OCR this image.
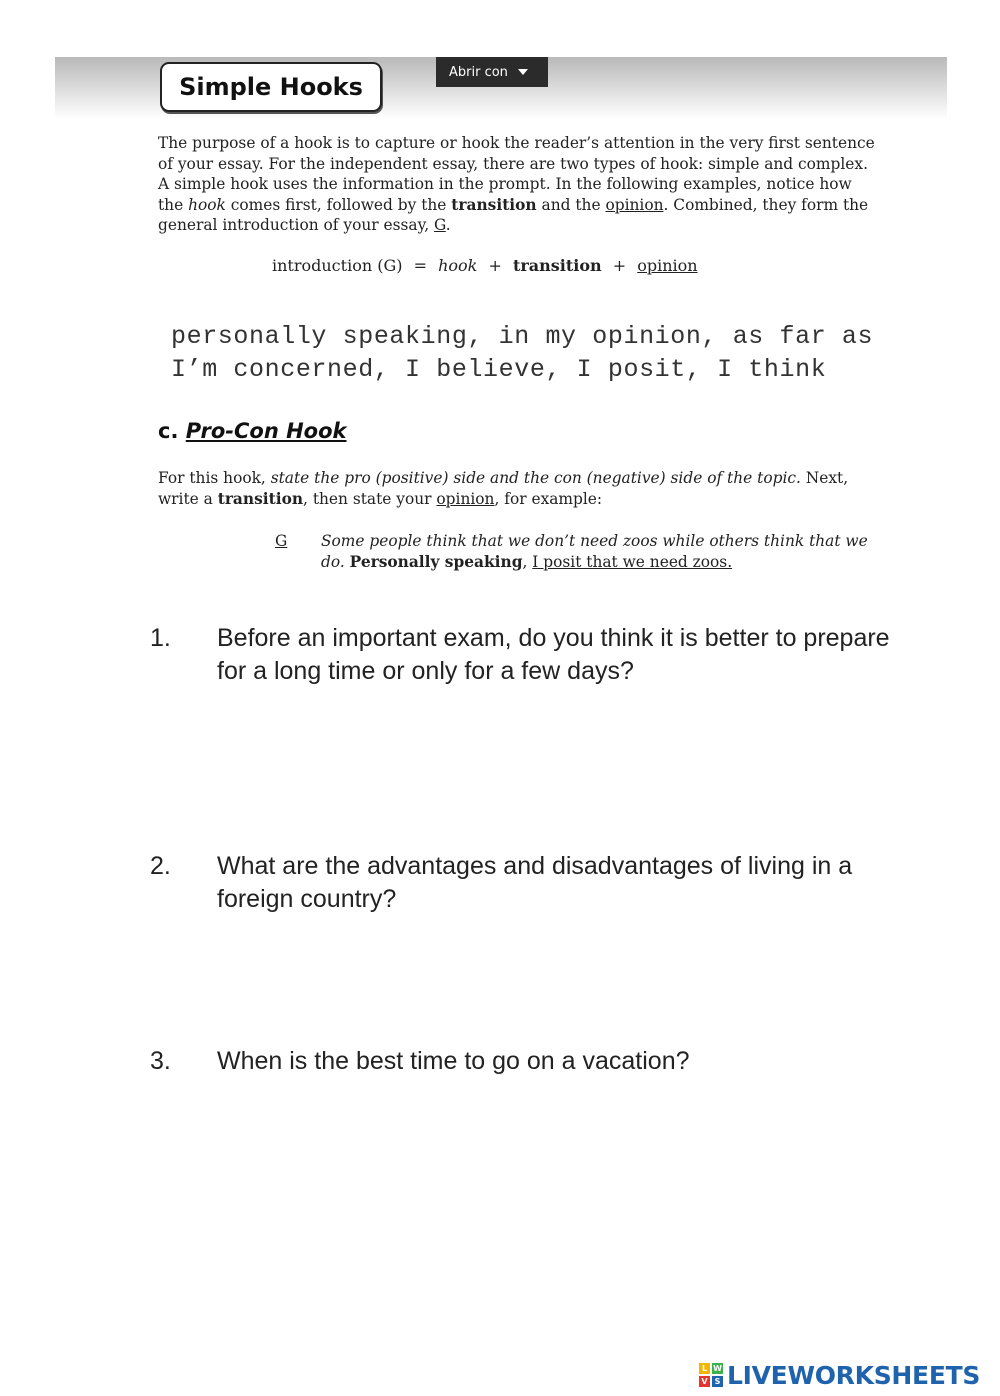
Simple Hooks
Abrir con
The purpose of a hook is to capture or hook the reader’s attention in the very first sentence of your essay. For the independent essay, there are two types of hook: simple and complex. A simple hook uses the information in the prompt. In the following examples, notice how the hook comes first, followed by the transition and the opinion. Combined, they form the general introduction of your essay, G.
introduction (G) = hook + transition + opinion
personally speaking, in my opinion, as far as I’m concerned, I believe, I posit, I think
c. Pro-Con Hook
For this hook, state the pro (positive) side and the con (negative) side of the topic. Next, write a transition, then state your opinion, for example:
G Some people think that we don’t need zoos while others think that we do. Personally speaking, I posit that we need zoos.
1. Before an important exam, do you think it is better to prepare for a long time or only for a few days?
2. What are the advantages and disadvantages of living in a foreign country?
3. When is the best time to go on a vacation?
L W
V S LIVEWORKSHEETS
